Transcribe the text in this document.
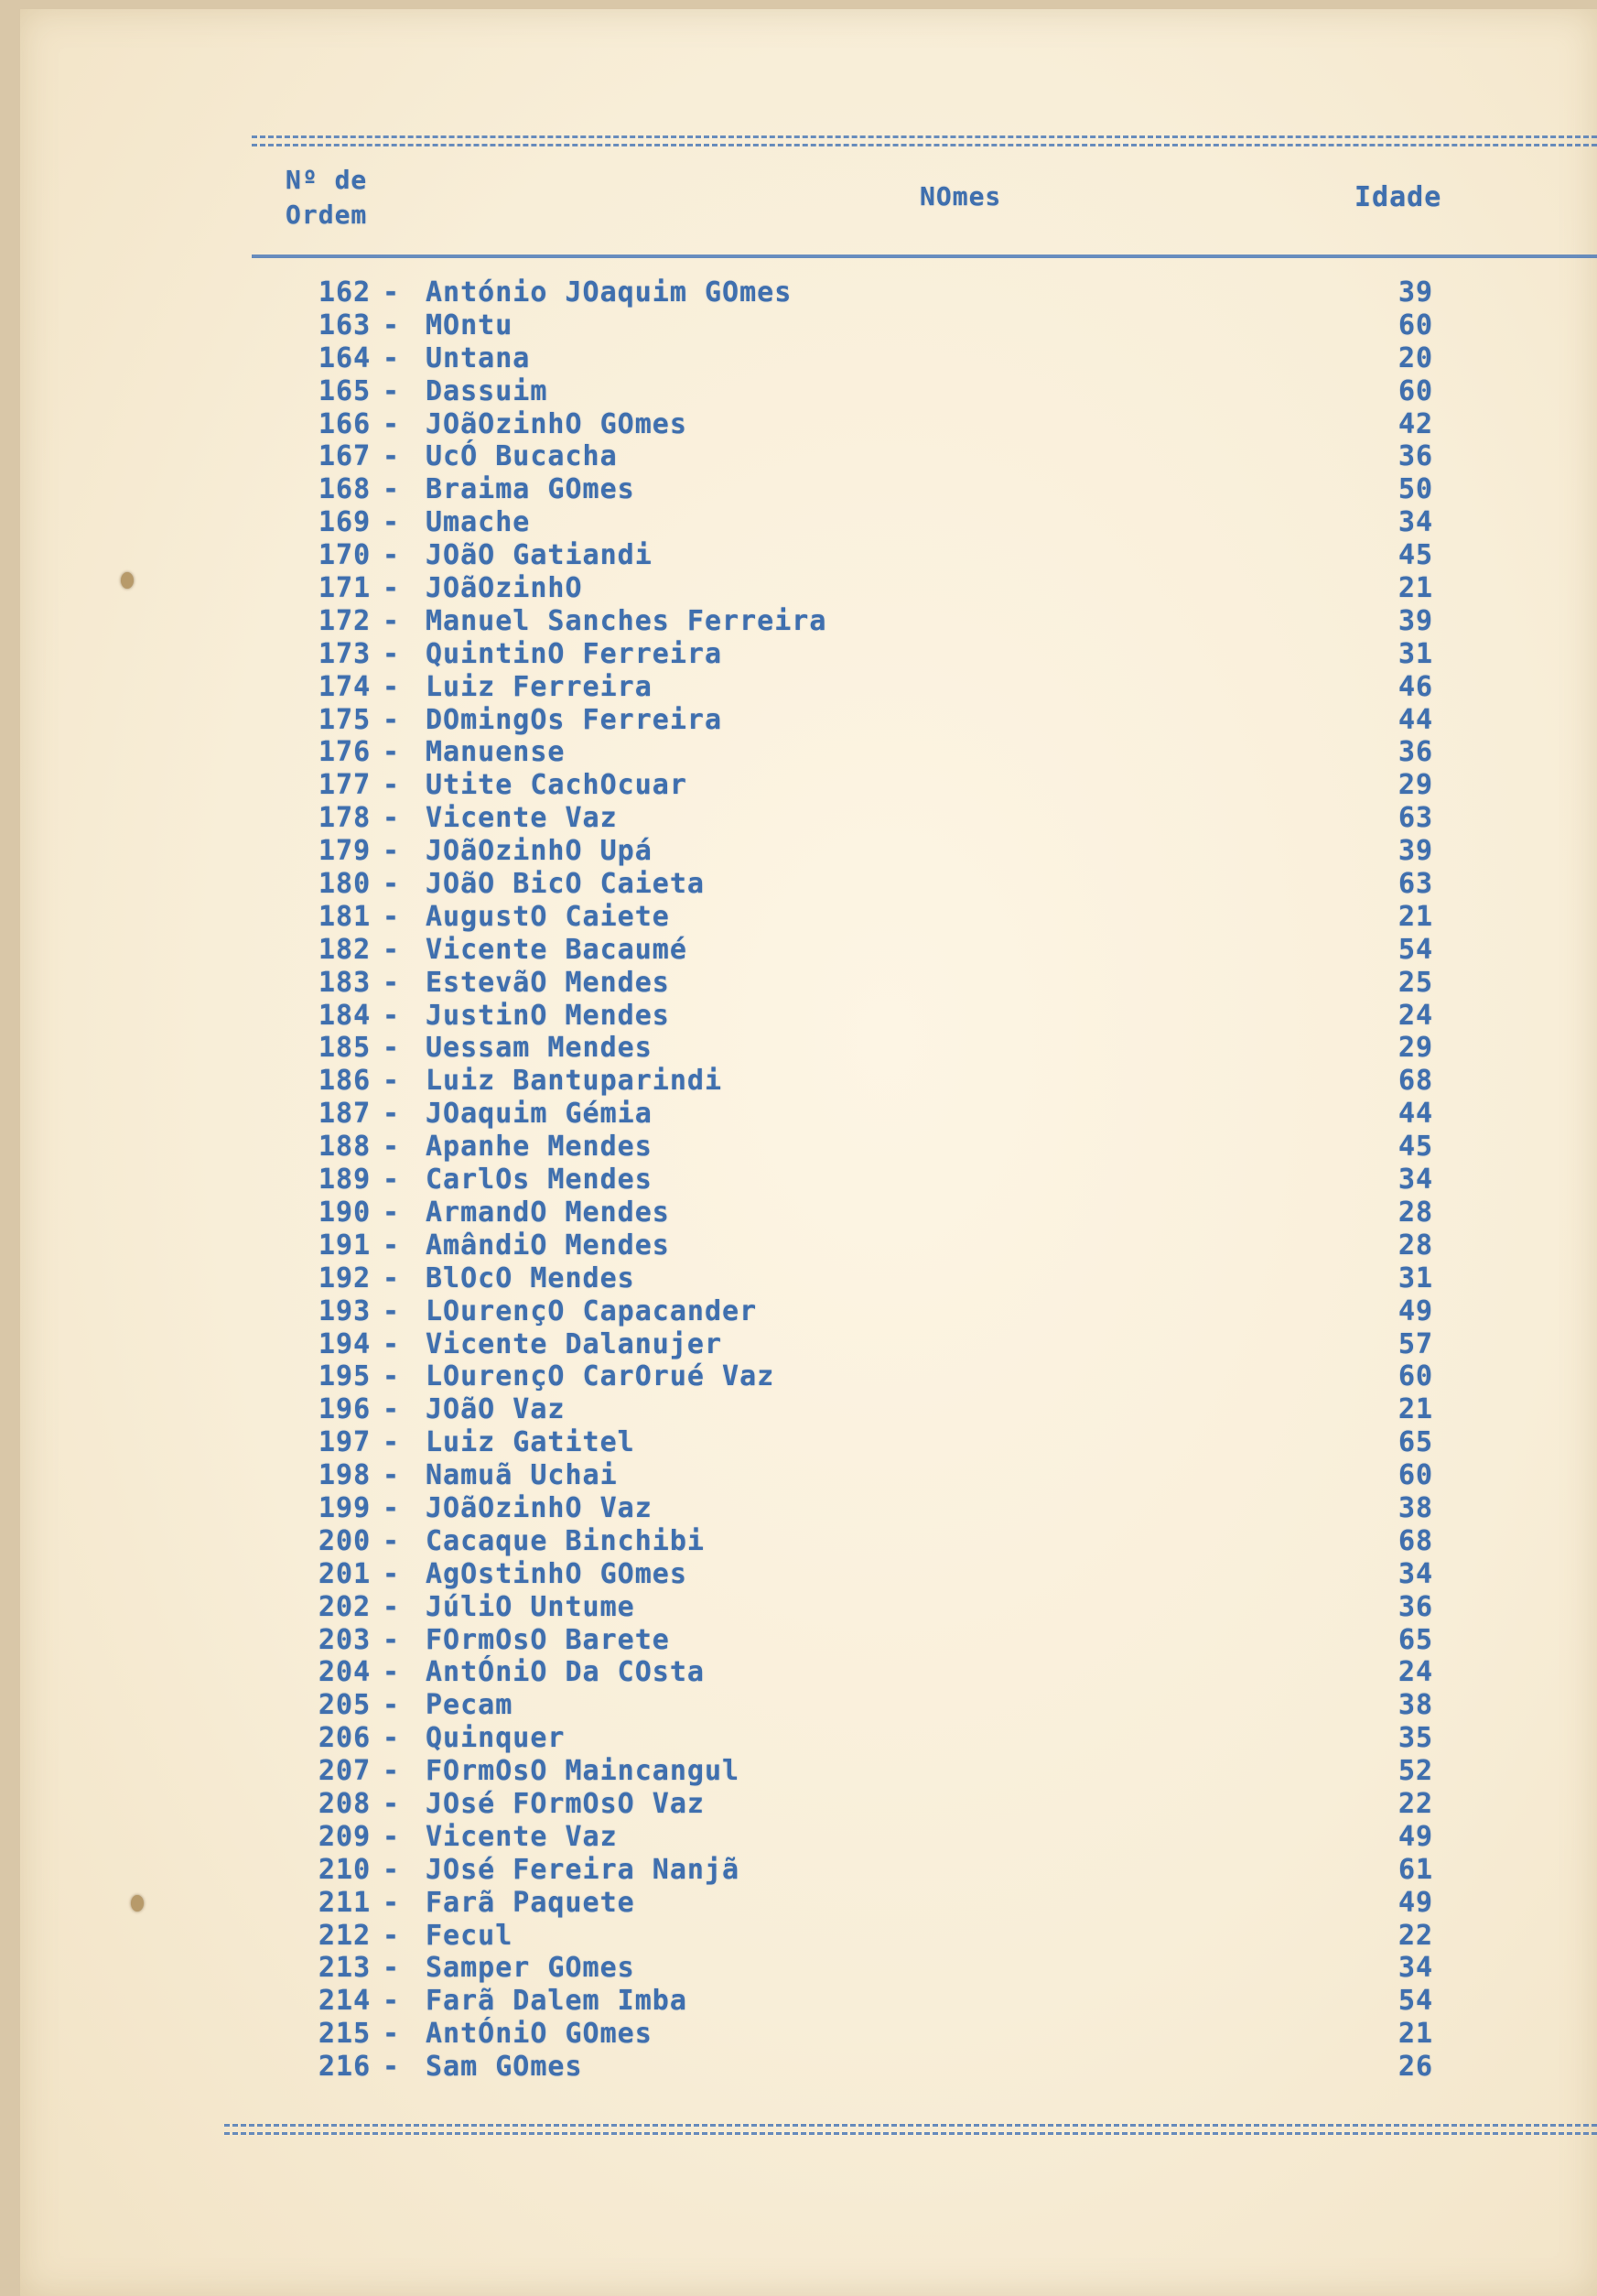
Nº de
Ordem
NOmes	Idade
162 - António JOaquim GOmes	39
163 - MOntu	60
164 - Untana	20
165 - Dassuim	60
166 - JOãOzinhO GOmes	42
167 - UcÓ Bucacha	36
168 - Braima GOmes	50
169 - Umache	34
170 - JOãO Gatiandi	45
171 - JOãOzinhO	21
172 - Manuel Sanches Ferreira	39
173 - QuintinO Ferreira	31
174 - Luiz Ferreira	46
175 - DOmingOs Ferreira	44
176 - Manuense	36
177 - Utite CachOcuar	29
178 - Vicente Vaz	63
179 - JOãOzinhO Upá	39
180 - JOãO BicO Caieta	63
181 - AugustO Caiete	21
182 - Vicente Bacaumé	54
183 - EstevãO Mendes	25
184 - JustinO Mendes	24
185 - Uessam Mendes	29
186 - Luiz Bantuparindi	68
187 - JOaquim Gémia	44
188 - Apanhe Mendes	45
189 - CarlOs Mendes	34
190 - ArmandO Mendes	28
191 - AmândiO Mendes	28
192 - BlOcO Mendes	31
193 - LOurençO Capacander	49
194 - Vicente Dalanujer	57
195 - LOurençO CarOrué Vaz	60
196 - JOãO Vaz	21
197 - Luiz Gatitel	65
198 - Namuã Uchai	60
199 - JOãOzinhO Vaz	38
200 - Cacaque Binchibi	68
201 - AgOstinhO GOmes	34
202 - JúliO Untume	36
203 - FOrmOsO Barete	65
204 - AntÓniO Da COsta	24
205 - Pecam	38
206 - Quinquer	35
207 - FOrmOsO Maincangul	52
208 - JOsé FOrmOsO Vaz	22
209 - Vicente Vaz	49
210 - JOsé Fereira Nanjã	61
211 - Farã Paquete	49
212 - Fecul	22
213 - Samper GOmes	34
214 - Farã Dalem Imba	54
215 - AntÓniO GOmes	21
216 - Sam GOmes	26
